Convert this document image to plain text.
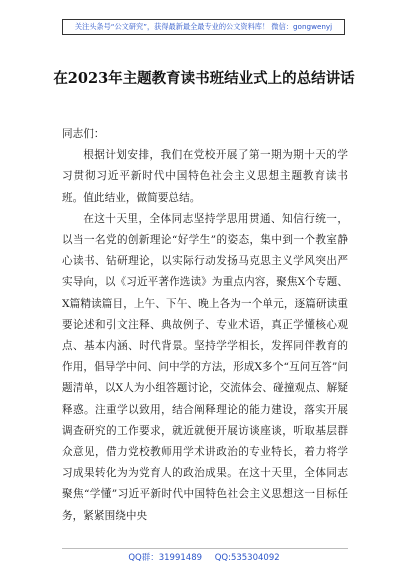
关注头条号“公文研究”，获得最新最全最专业的公文资料库！ 微信：gongwenyj
在2023年主题教育读书班结业式上的总结讲话

同志们：

根据计划安排，我们在党校开展了第一期为期十天的学习贯彻习近平新时代中国特色社会主义思想主题教育读书班。值此结业，做简要总结。

在这十天里，全体同志坚持学思用贯通、知信行统一，以当一名党的创新理论“好学生”的姿态，集中到一个教室静心读书、钻研理论，以实际行动发扬马克思主义学风突出严实导向，以《习近平著作选读》为重点内容，聚焦X个专题、X篇精读篇目，上午、下午、晚上各为一个单元，逐篇研读重要论述和引文注释、典故例子、专业术语，真正学懂核心观点、基本内涵、时代背景。坚持学学相长，发挥同伴教育的作用，倡导学中问、问中学的方法，形成X多个“互问互答”问题清单，以X人为小组答题讨论，交流体会、碰撞观点、解疑释惑。注重学以致用，结合阐释理论的能力建设，落实开展调查研究的工作要求，就近就便开展访谈座谈，听取基层群众意见，借力党校教师用学术讲政治的专业特长，着力将学习成果转化为为党育人的政治成果。在这十天里，全体同志聚焦“学懂”习近平新时代中国特色社会主义思想这一目标任务，紧紧围绕中央

QQ群：31991489 QQ:535304092
